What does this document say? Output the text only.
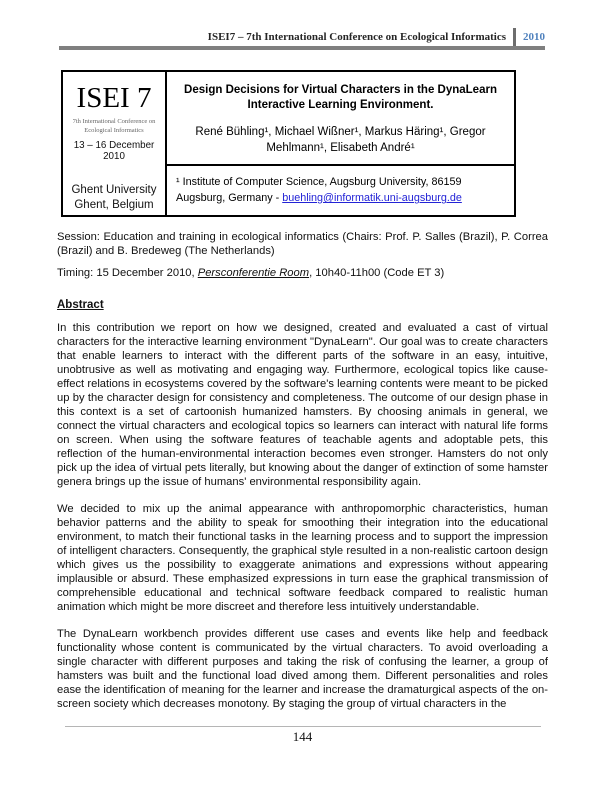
ISEI7 – 7th International Conference on Ecological Informatics 2010
ISEI 7
7th International Conference on Ecological Informatics
13 – 16 December 2010
Ghent University
Ghent, Belgium
Design Decisions for Virtual Characters in the DynaLearn Interactive Learning Environment.
René Bühling¹, Michael Wißner¹, Markus Häring¹, Gregor Mehlmann¹, Elisabeth André¹
¹ Institute of Computer Science, Augsburg University, 86159 Augsburg, Germany - buehling@informatik.uni-augsburg.de

Session: Education and training in ecological informatics (Chairs: Prof. P. Salles (Brazil), P. Correa (Brazil) and B. Bredeweg (The Netherlands)

Timing: 15 December 2010, Persconferentie Room, 10h40-11h00 (Code ET 3)

Abstract

In this contribution we report on how we designed, created and evaluated a cast of virtual characters for the interactive learning environment "DynaLearn". Our goal was to create characters that enable learners to interact with the different parts of the software in an easy, intuitive, unobtrusive as well as motivating and engaging way. Furthermore, ecological topics like cause-effect relations in ecosystems covered by the software's learning contents were meant to be picked up by the character design for consistency and completeness. The outcome of our design phase in this context is a set of cartoonish humanized hamsters. By choosing animals in general, we connect the virtual characters and ecological topics so learners can interact with natural life forms on screen. When using the software features of teachable agents and adoptable pets, this reflection of the human-environmental interaction becomes even stronger. Hamsters do not only pick up the idea of virtual pets literally, but knowing about the danger of extinction of some hamster genera brings up the issue of humans' environmental responsibility again.

We decided to mix up the animal appearance with anthropomorphic characteristics, human behavior patterns and the ability to speak for smoothing their integration into the educational environment, to match their functional tasks in the learning process and to support the impression of intelligent characters. Consequently, the graphical style resulted in a non-realistic cartoon design which gives us the possibility to exaggerate animations and expressions without appearing implausible or absurd. These emphasized expressions in turn ease the graphical transmission of comprehensible educational and technical software feedback compared to realistic human animation which might be more discreet and therefore less intuitively understandable.

The DynaLearn workbench provides different use cases and events like help and feedback functionality whose content is communicated by the virtual characters. To avoid overloading a single character with different purposes and taking the risk of confusing the learner, a group of hamsters was built and the functional load dived among them. Different personalities and roles ease the identification of meaning for the learner and increase the dramaturgical aspects of the on-screen society which decreases monotony. By staging the group of virtual characters in the

144
